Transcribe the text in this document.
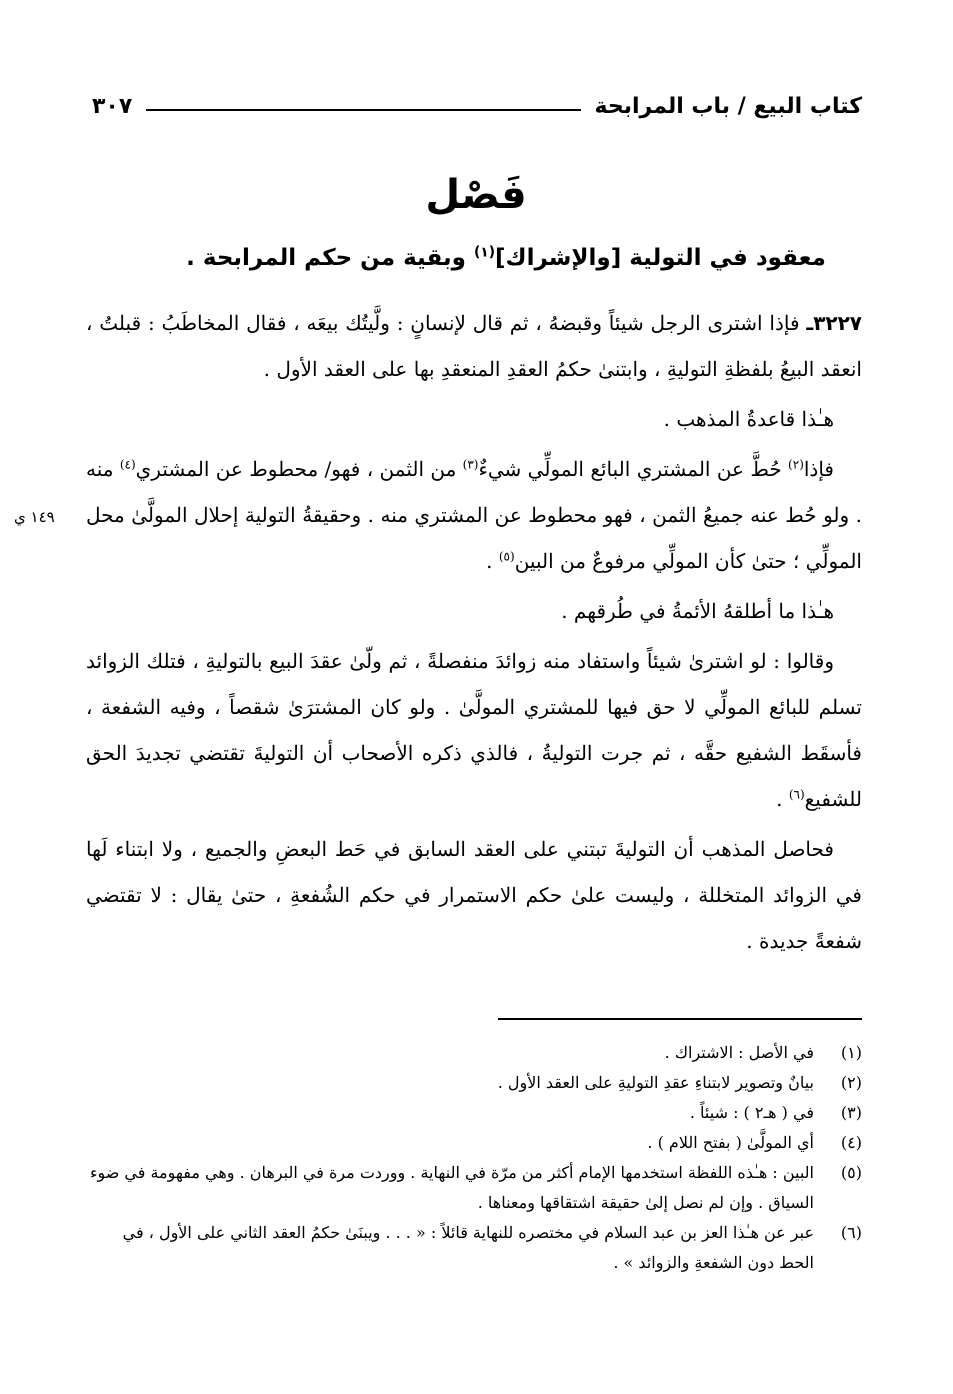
كتاب البيع / باب المرابحة
٣٠٧
فَصْل
معقود في التولية [والإشراك]$^{(١)}$ وبقية من حكم المرابحة .

٣٢٢٧ـ فإذا اشترى الرجل شيئاً وقبضهُ ، ثم قال لإنسانٍ : ولَّيتُك بيعَه ، فقال المخاطَبُ : قبلتُ ، انعقد البيعُ بلفظةِ التوليةِ ، وابتنىٰ حكمُ العقدِ المنعقدِ بها على العقد الأول .

هـٰذا قاعدةُ المذهب .

فإذا$^{(٢)}$ حُطَّ عن المشتري البائع المولِّي شيءٌ$^{(٣)}$ من الثمن ، فهو/ محطوط عن المشتري$^{(٤)}$ منه . ولو حُط عنه جميعُ الثمن ، فهو محطوط عن المشتري منه . وحقيقةُ التولية إحلال المولَّىٰ محل المولِّي ؛ حتىٰ كأن المولِّي مرفوعٌ من البين$^{(٥)}$ .

هـٰذا ما أطلقهُ الأئمةُ في طُرقهم .

وقالوا : لو اشترىٰ شيئاً واستفاد منه زوائدَ منفصلةً ، ثم ولّىٰ عقدَ البيع بالتوليةِ ، فتلك الزوائد تسلم للبائع المولِّي لا حق فيها للمشتري المولَّىٰ . ولو كان المشترَىٰ شقصاً ، وفيه الشفعة ، فأسقَط الشفيع حقَّه ، ثم جرت التوليةُ ، فالذي ذكره الأصحاب أن التوليةَ تقتضي تجديدَ الحق للشفيع$^{(٦)}$ .

فحاصل المذهب أن التوليةَ تبتني على العقد السابق في حَط البعضِ والجميع ، ولا ابتناء لَها في الزوائد المتخللة ، وليست علىٰ حكم الاستمرار في حكم الشُفعةِ ، حتىٰ يقال : لا تقتضي شفعةً جديدة .

١٤٩ ي
(١)
في الأصل : الاشتراك .
(٢)
بيانٌ وتصوير لابتناءِ عقدِ التوليةِ على العقد الأول .
(٣)
في ( هـ٢ ) : شيئاً .
(٤)
أي المولَّىٰ ( بفتح اللام ) .
(٥)
البين : هـٰذه اللفظة استخدمها الإمام أكثر من مرّة في النهاية . ووردت مرة في البرهان . وهي مفهومة في ضوء السياق . وإن لم نصل إلىٰ حقيقة اشتقاقها ومعناها .
(٦)
عبر عن هـٰذا العز بن عبد السلام في مختصره للنهاية قائلاً : « . . . ويبنَىٰ حكمُ العقد الثاني على الأول ، في الحط دون الشفعةِ والزوائد » .
